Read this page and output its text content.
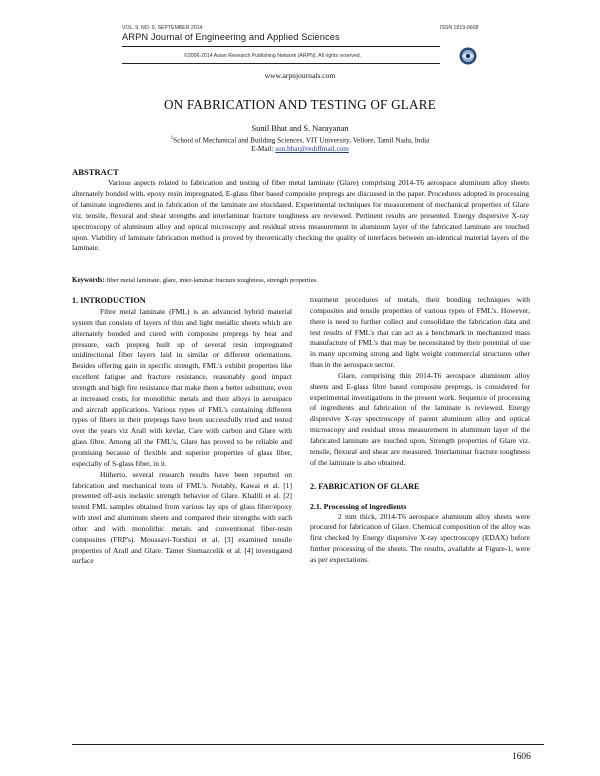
VOL. 9, NO. 9, SEPTEMBER 2014	ISSN 1819-6608
ARPN Journal of Engineering and Applied Sciences
©2006-2014 Asian Research Publishing Network (ARPN). All rights reserved.
www.arpnjournals.com
ON FABRICATION AND TESTING OF GLARE
Sunil Bhat and S. Narayanan
$^1$School of Mechanical and Building Sciences, VIT University, Vellore, Tamil Nadu, India
E-Mail: sun.bhat@rediffmail.com
ABSTRACT
Various aspects related to fabrication and testing of fiber metal laminate (Glare) comprising 2014-T6 aerospace aluminum alloy sheets alternately bonded with, epoxy resin impregnated, E-glass fiber based composite prepregs are discussed in the paper. Procedures adopted in processing of laminate ingredients and in fabrication of the laminate are elucidated. Experimental techniques for measurement of mechanical properties of Glare viz. tensile, flexural and shear strengths and interlaminar fracture toughness are reviewed. Pertinent results are presented. Energy dispersive X-ray spectroscopy of aluminum alloy and optical microscopy and residual stress measurement in aluminum layer of the fabricated laminate are touched upon. Viability of laminate fabrication method is proved by theoretically checking the quality of interfaces between un-identical material layers of the laminate.
Keywords: fiber metal laminate, glare, inter-laminar fracture toughness, strength properties.
1. INTRODUCTION

Fibre metal laminate (FML) is an advanced hybrid material system that consists of layers of thin and light metallic sheets which are alternately bonded and cured with composite prepregs by heat and pressure, each prepreg built up of several resin impregnated unidirectional fiber layers laid in similar or different orientations. Besides offering gain in specific strength, FML's exhibit properties like excellent fatigue and fracture resistance, reasonably good impact strength and high fire resistance that make them a better substitute, even at increased costs, for monolithic metals and their alloys in aerospace and aircraft applications. Various types of FML's containing different types of fibers in their prepregs have been successfully tried and tested over the years viz Arall with kevlar, Care with carbon and Glare with glass fibre. Among all the FML's, Glare has proved to be reliable and promising because of flexible and superior properties of glass fiber, especially of S-glass fiber, in it.

Hitherto, several research results have been reported on fabrication and mechanical tests of FML's. Notably, Kawai et al. [1] presented off-axis inelastic strength behavior of Glare. Khalili et al. [2] tested FML samples obtained from various lay ups of glass fiber/epoxy with steel and aluminum sheets and compared their strengths with each other and with monolithic metals and conventional fiber-resin composites (FRP's). Moussavi-Torshizi et al. [3] examined tensile properties of Arall and Glare. Tamer Sinmazcelik et al. [4] investigated surface

treatment procedures of metals, their bonding techniques with composites and tensile properties of various types of FML's. However, there is need to further collect and consolidate the fabrication data and test results of FML's that can act as a benchmark in mechanized mass manufacture of FML's that may be necessitated by their potential of use in many upcoming strong and light weight commercial structures other than in the aerospace sector.

Glare, comprising thin 2014-T6 aerospace aluminum alloy sheets and E-glass fibre based composite prepregs, is considered for experimental investigations in the present work. Sequence of processing of ingredients and fabrication of the laminate is reviewed. Energy dispersive X-ray spectroscopy of parent aluminum alloy and optical microscopy and residual stress measurement in aluminum layer of the fabricated laminate are touched upon. Strength properties of Glare viz. tensile, flexural and shear are measured. Interlaminar fracture toughness of the laminate is also obtained.

2. FABRICATION OF GLARE
2.1. Processing of ingredients

2 mm thick, 2014-T6 aerospace aluminum alloy sheets were procured for fabrication of Glare. Chemical composition of the alloy was first checked by Energy dispersive X-ray spectroscopy (EDAX) before further processing of the sheets. The results, available at Figure-1, were as per expectations.

1606
